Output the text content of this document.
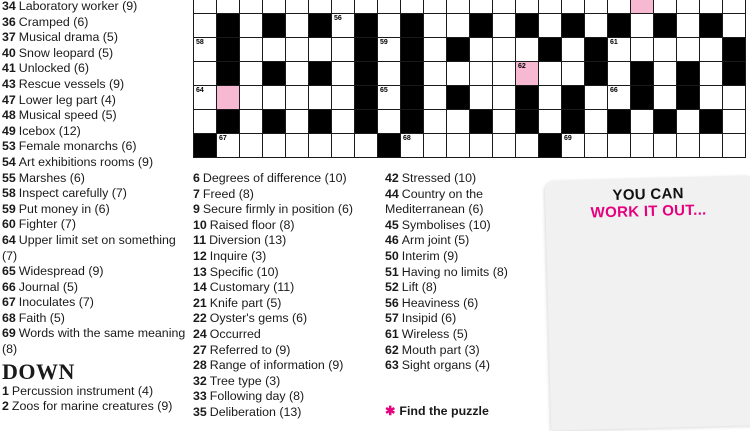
34 Laboratory worker (9)
36 Cramped (6)
37 Musical drama (5)
40 Snow leopard (5)
41 Unlocked (6)
43 Rescue vessels (9)
47 Lower leg part (4)
48 Musical speed (5)
49 Icebox (12)
53 Female monarchs (6)
54 Art exhibitions rooms (9)
55 Marshes (6)
58 Inspect carefully (7)
59 Put money in (6)
60 Fighter (7)
64 Upper limit set on something (7)
65 Widespread (9)
66 Journal (5)
67 Inoculates (7)
68 Faith (5)
69 Words with the same meaning (8)
DOWN
1 Percussion instrument (4)
2 Zoos for marine creatures (9)
6 Degrees of difference (10)
7 Freed (8)
9 Secure firmly in position (6)
10 Raised floor (8)
11 Diversion (13)
12 Inquire (3)
13 Specific (10)
14 Customary (11)
21 Knife part (5)
22 Oyster's gems (6)
24 Occurred
27 Referred to (9)
28 Range of information (9)
32 Tree type (3)
33 Following day (8)
35 Deliberation (13)
42 Stressed (10)
44 Country on the Mediterranean (6)
45 Symbolises (10)
46 Arm joint (5)
50 Interim (9)
51 Having no limits (8)
52 Lift (8)
56 Heaviness (6)
57 Insipid (6)
61 Wireless (5)
62 Mouth part (3)
63 Sight organs (4)
56	57
58	59	60	61
62	63
64	65	66
67	68	69
YOU CAN
WORK IT OUT...
✱ Find the puzzle
